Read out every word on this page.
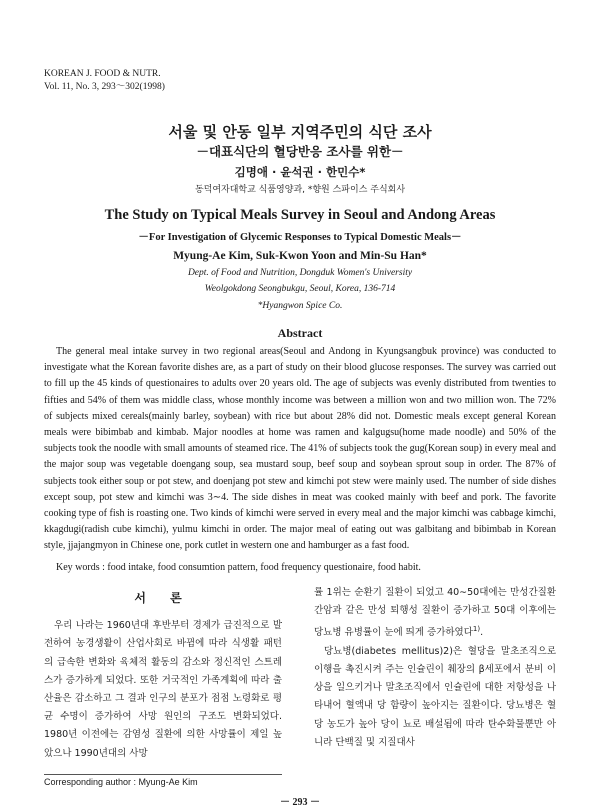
KOREAN J. FOOD & NUTR.
Vol. 11, No. 3, 293～302(1998)
서울 및 안동 일부 지역주민의 식단 조사
－대표식단의 혈당반응 조사를 위한－
김명애 · 윤석권 · 한민수*
동덕여자대학교 식품영양과, *향원 스파이스 주식회사
The Study on Typical Meals Survey in Seoul and Andong Areas
－For Investigation of Glycemic Responses to Typical Domestic Meals－
Myung-Ae Kim, Suk-Kwon Yoon and Min-Su Han*
Dept. of Food and Nutrition, Dongduk Women's University
Weolgokdong Seongbukgu, Seoul, Korea, 136-714
*Hyangwon Spice Co.
Abstract

The general meal intake survey in two regional areas(Seoul and Andong in Kyungsangbuk province) was conducted to investigate what the Korean favorite dishes are, as a part of study on their blood glucose responses. The survey was carried out to fill up the 45 kinds of questionaires to adults over 20 years old. The age of subjects was evenly distributed from twenties to fifties and 54% of them was middle class, whose monthly income was between a million won and two million won. The 72% of subjects mixed cereals(mainly barley, soybean) with rice but about 28% did not. Domestic meals except general Korean meals were bibimbab and kimbab. Major noodles at home was ramen and kalgugsu(home made noodle) and 50% of the subjects took the noodle with small amounts of steamed rice. The 41% of subjects took the gug(Korean soup) in every meal and the major soup was vegetable doengang soup, sea mustard soup, beef soup and soybean sprout soup in order. The 87% of subjects took either soup or pot stew, and doenjang pot stew and kimchi pot stew were mainly used. The number of side dishes except soup, pot stew and kimchi was 3∼4. The side dishes in meat was cooked mainly with beef and pork. The favorite cooking type of fish is roasting one. Two kinds of kimchi were served in every meal and the major kimchi was cabbage kimchi, kkagdugi(radish cube kimchi), yulmu kimchi in order. The major meal of eating out was galbitang and bibimbab in Korean style, jjajangmyon in Chinese one, pork cutlet in western one and hamburger as a fast food.

Key words : food intake, food consumtion pattern, food frequency questionaire, food habit.
서 론

우리 나라는 1960년대 후반부터 경제가 급진적으로 발전하여 농경생활이 산업사회로 바뀜에 따라 식생활 패턴의 급속한 변화와 육체적 활동의 감소와 정신적인 스트레스가 증가하게 되었다. 또한 거국적인 가족계획에 따라 출산율은 감소하고 그 결과 인구의 분포가 점점 노령화로 평균 수명이 증가하여 사망 원인의 구조도 변화되었다. 1980년 이전에는 감염성 질환에 의한 사망률이 제일 높았으나 1990년대의 사망

률 1위는 순환기 질환이 되었고 40∼50대에는 만성간질환 간암과 같은 만성 퇴행성 질환이 증가하고 50대 이후에는 당뇨병 유병률이 눈에 띄게 증가하였다$^{1)}$.

당뇨병(diabetes mellitus)2)은 혈당을 말초조직으로 이행을 촉진시켜 주는 인슐린이 췌장의 β세포에서 분비 이상을 일으키거나 말초조직에서 인슐린에 대한 저항성을 나타내어 혈액내 당 함량이 높아지는 질환이다. 당뇨병은 혈당 농도가 높아 당이 뇨로 배설됨에 따라 탄수화물뿐만 아니라 단백질 및 지질대사

Corresponding author : Myung-Ae Kim
－ 293 －
